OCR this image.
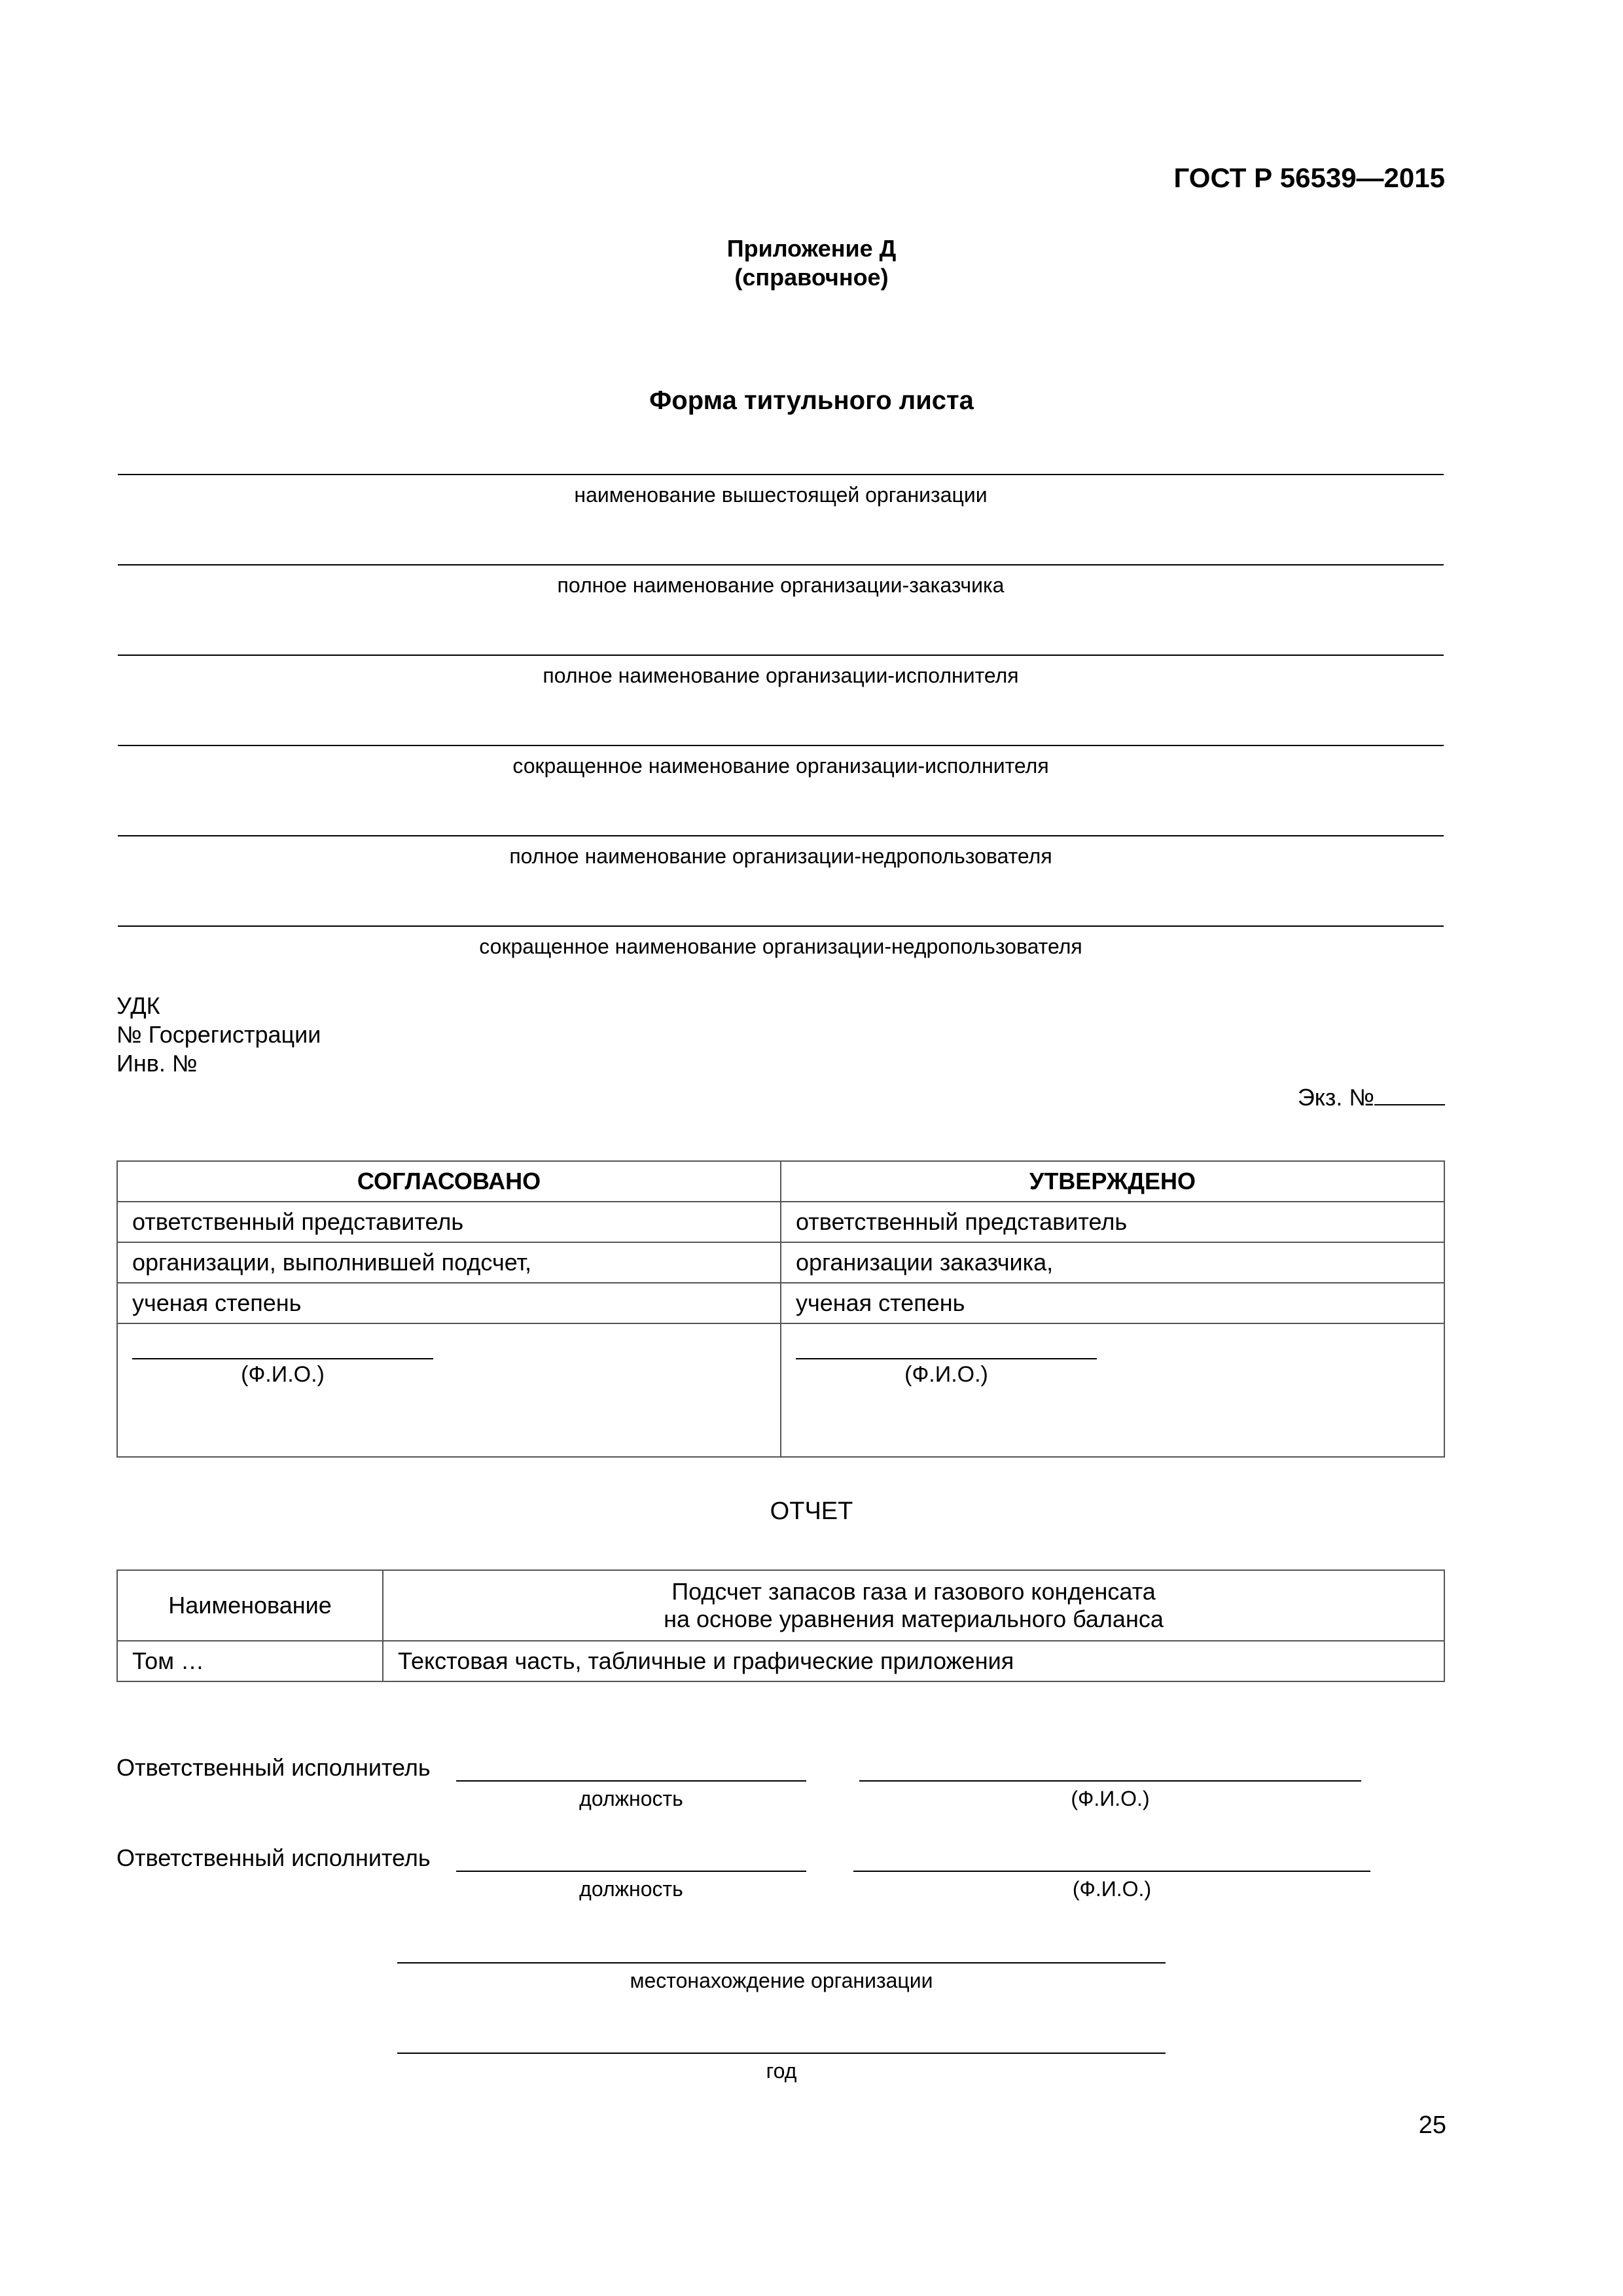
ГОСТ Р 56539—2015
Приложение Д
(справочное)
Форма титульного листа
наименование вышестоящей организации
полное наименование организации-заказчика
полное наименование организации-исполнителя
сокращенное наименование организации-исполнителя
полное наименование организации-недропользователя
сокращенное наименование организации-недропользователя
УДК
№ Госрегистрации
Инв. №
Экз. №
СОГЛАСОВАНО	УТВЕРЖДЕНО
ответственный представитель	ответственный представитель
организации, выполнившей подсчет,	организации заказчика,
ученая степень	ученая степень

(Ф.И.О.)	(Ф.И.О.)
ОТЧЕТ
Наименование	Подсчет запасов газа и газового конденсата
на основе уравнения материального баланса

Том …	Текстовая часть, табличные и графические приложения
Ответственный исполнитель
должность	(Ф.И.О.)
Ответственный исполнитель
должность	(Ф.И.О.)
местонахождение организации
год
25
